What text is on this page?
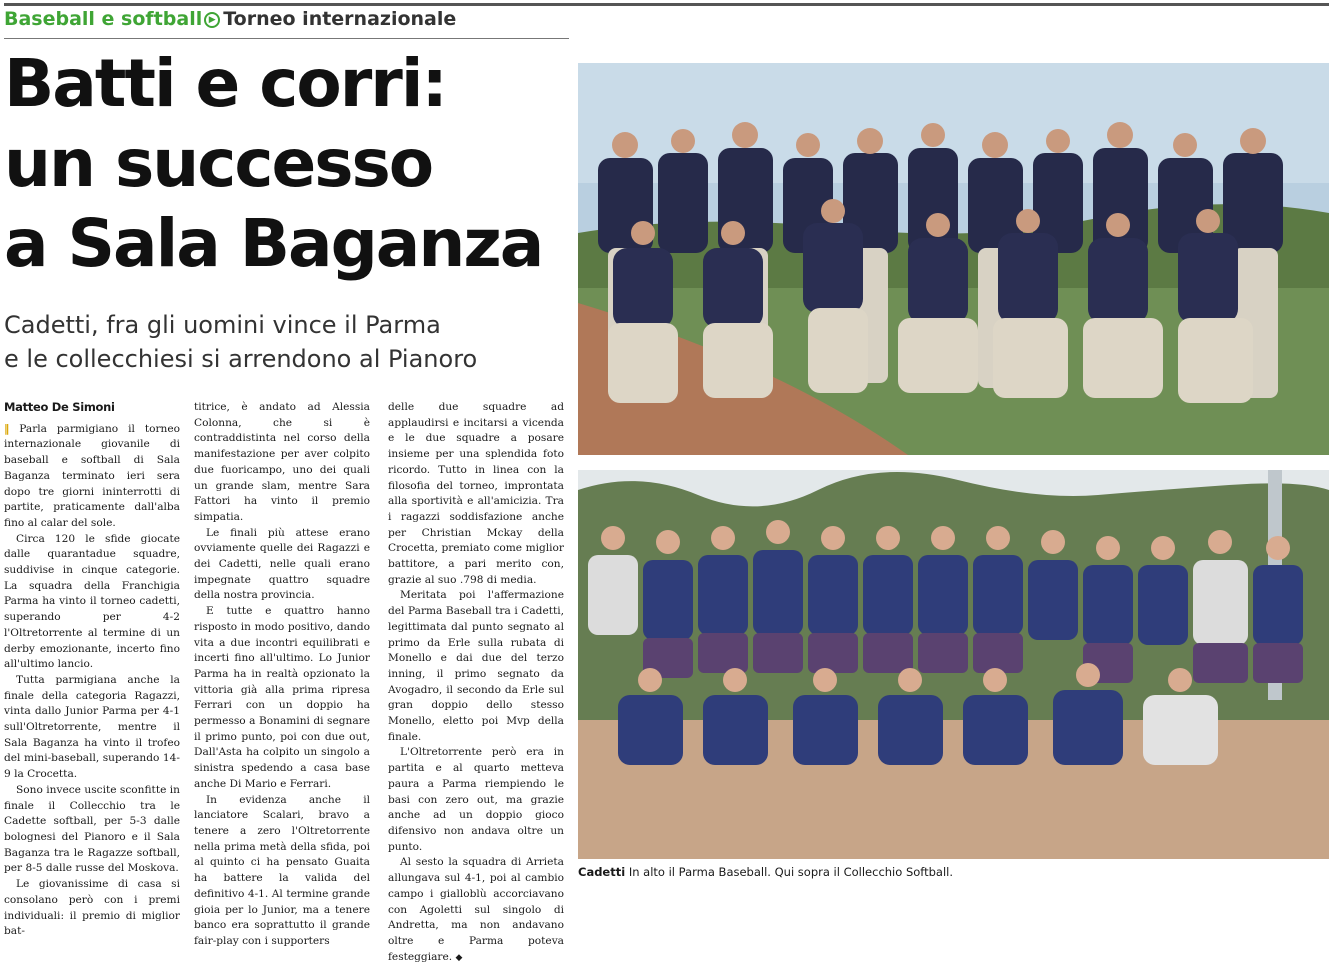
Baseball e softball ▶ Torneo internazionale
Batti e corri:
un successo
a Sala Baganza
Cadetti, fra gli uomini vince il Parma
e le collecchiesi si arrendono al Pianoro
Matteo De Simoni

‖ Parla parmigiano il torneo internazionale giovanile di baseball e softball di Sala Baganza terminato ieri sera dopo tre giorni ininterrotti di partite, praticamente dall'alba fino al calar del sole.

Circa 120 le sfide giocate dalle quarantadue squadre, suddivise in cinque categorie. La squadra della Franchigia Parma ha vinto il torneo cadetti, superando per 4-2 l'Oltretorrente al termine di un derby emozionante, incerto fino all'ultimo lancio.

Tutta parmigiana anche la finale della categoria Ragazzi, vinta dallo Junior Parma per 4-1 sull'Oltretorrente, mentre il Sala Baganza ha vinto il trofeo del mini-baseball, superando 14-9 la Crocetta.

Sono invece uscite sconfitte in finale il Collecchio tra le Cadette softball, per 5-3 dalle bolognesi del Pianoro e il Sala Baganza tra le Ragazze softball, per 8-5 dalle russe del Moskova.

Le giovanissime di casa si consolano però con i premi individuali: il premio di miglior bat-

titrice, è andato ad Alessia Colonna, che si è contraddistinta nel corso della manifestazione per aver colpito due fuoricampo, uno dei quali un grande slam, mentre Sara Fattori ha vinto il premio simpatia.

Le finali più attese erano ovviamente quelle dei Ragazzi e dei Cadetti, nelle quali erano impegnate quattro squadre della nostra provincia.

E tutte e quattro hanno risposto in modo positivo, dando vita a due incontri equilibrati e incerti fino all'ultimo. Lo Junior Parma ha in realtà opzionato la vittoria già alla prima ripresa Ferrari con un doppio ha permesso a Bonamini di segnare il primo punto, poi con due out, Dall'Asta ha colpito un singolo a sinistra spedendo a casa base anche Di Mario e Ferrari.

In evidenza anche il lanciatore Scalari, bravo a tenere a zero l'Oltretorrente nella prima metà della sfida, poi al quinto ci ha pensato Guaita ha battere la valida del definitivo 4-1. Al termine grande gioia per lo Junior, ma a tenere banco era soprattutto il grande fair-play con i supporters

delle due squadre ad applaudirsi e incitarsi a vicenda e le due squadre a posare insieme per una splendida foto ricordo. Tutto in linea con la filosofia del torneo, improntata alla sportività e all'amicizia. Tra i ragazzi soddisfazione anche per Christian Mckay della Crocetta, premiato come miglior battitore, a pari merito con, grazie al suo .798 di media.

Meritata poi l'affermazione del Parma Baseball tra i Cadetti, legittimata dal punto segnato al primo da Erle sulla rubata di Monello e dai due del terzo inning, il primo segnato da Avogadro, il secondo da Erle sul gran doppio dello stesso Monello, eletto poi Mvp della finale.

L'Oltretorrente però era in partita e al quarto metteva paura a Parma riempiendo le basi con zero out, ma grazie anche ad un doppio gioco difensivo non andava oltre un punto.

Al sesto la squadra di Arrieta allungava sul 4-1, poi al cambio campo i gialloblù accorciavano con Agoletti sul singolo di Andretta, ma non andavano oltre e Parma poteva festeggiare. ◆

Cadetti In alto il Parma Baseball. Qui sopra il Collecchio Softball.
